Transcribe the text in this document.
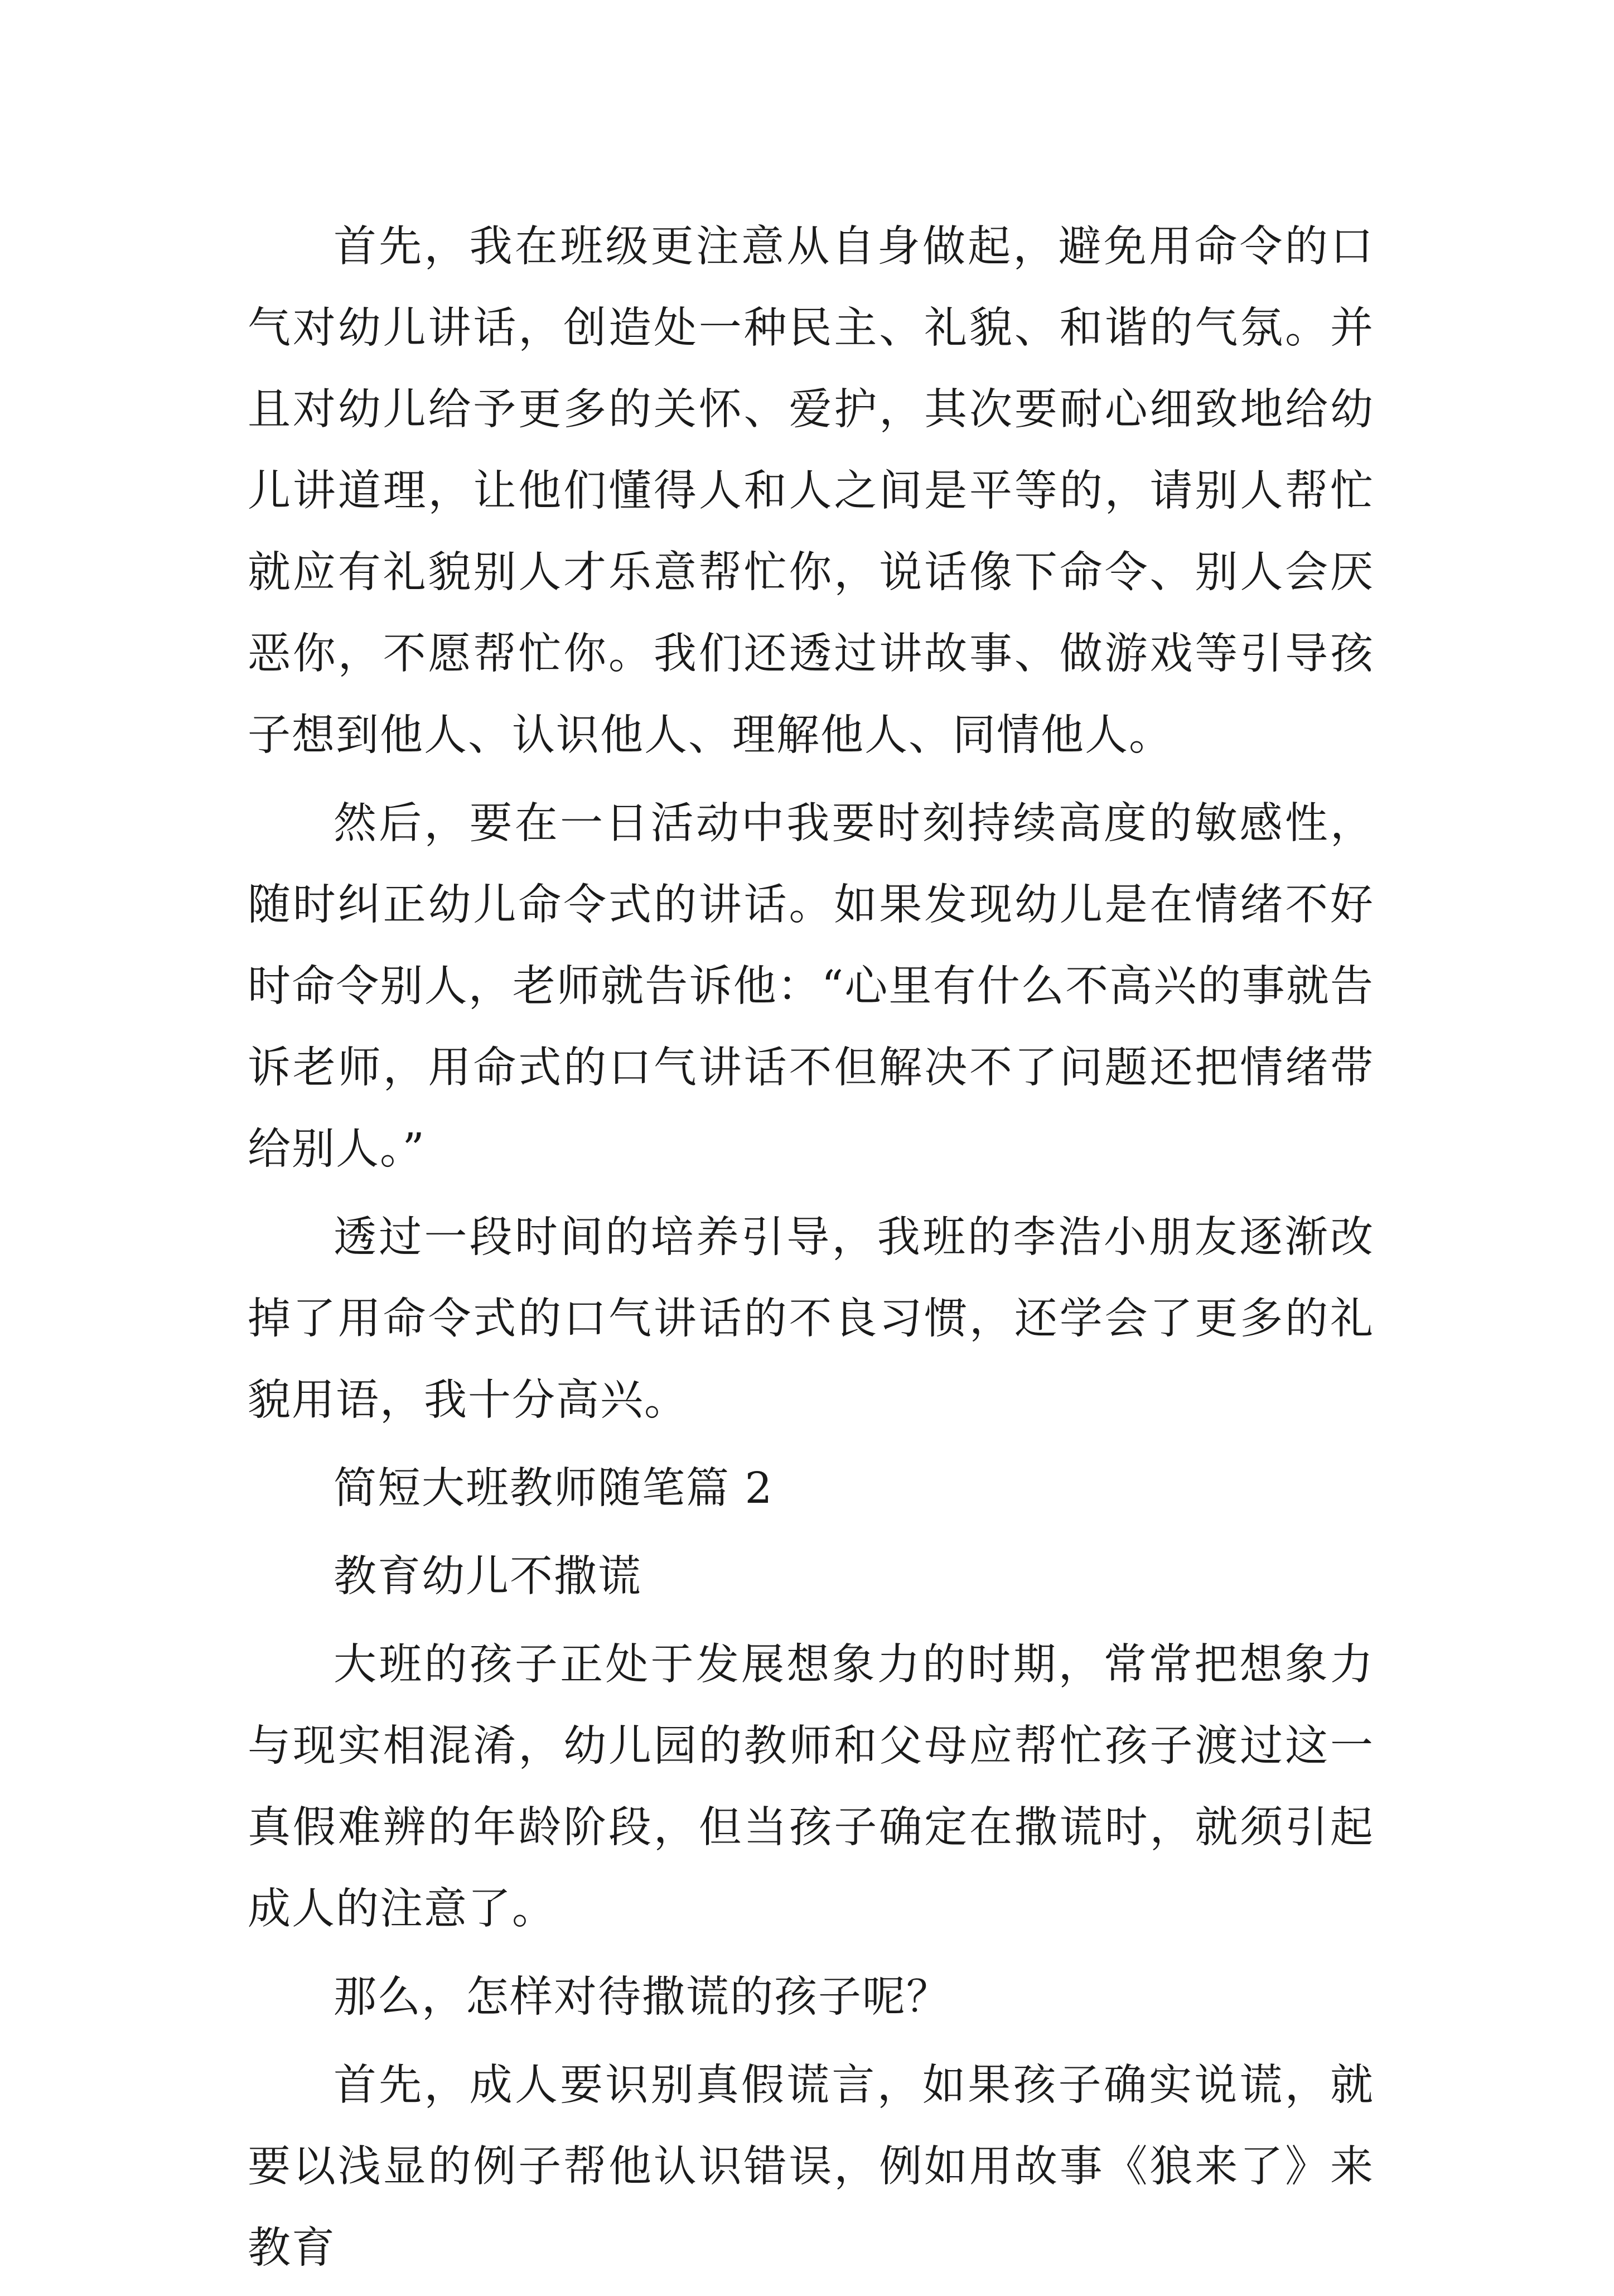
首先，我在班级更注意从自身做起，避免用命令的口气对幼儿讲话，创造处一种民主、礼貌、和谐的气氛。并且对幼儿给予更多的关怀、爱护，其次要耐心细致地给幼儿讲道理，让他们懂得人和人之间是平等的，请别人帮忙就应有礼貌别人才乐意帮忙你，说话像下命令、别人会厌恶你，不愿帮忙你。我们还透过讲故事、做游戏等引导孩子想到他人、认识他人、理解他人、同情他人。

然后，要在一日活动中我要时刻持续高度的敏感性，随时纠正幼儿命令式的讲话。如果发现幼儿是在情绪不好时命令别人，老师就告诉他：“心里有什么不高兴的事就告诉老师，用命式的口气讲话不但解决不了问题还把情绪带给别人。”

透过一段时间的培养引导，我班的李浩小朋友逐渐改掉了用命令式的口气讲话的不良习惯，还学会了更多的礼貌用语，我十分高兴。

简短大班教师随笔篇 2

教育幼儿不撒谎

大班的孩子正处于发展想象力的时期，常常把想象力与现实相混淆，幼儿园的教师和父母应帮忙孩子渡过这一真假难辨的年龄阶段，但当孩子确定在撒谎时，就须引起成人的注意了。

那么，怎样对待撒谎的孩子呢？

首先，成人要识别真假谎言，如果孩子确实说谎，就要以浅显的例子帮他认识错误，例如用故事《狼来了》来教育
